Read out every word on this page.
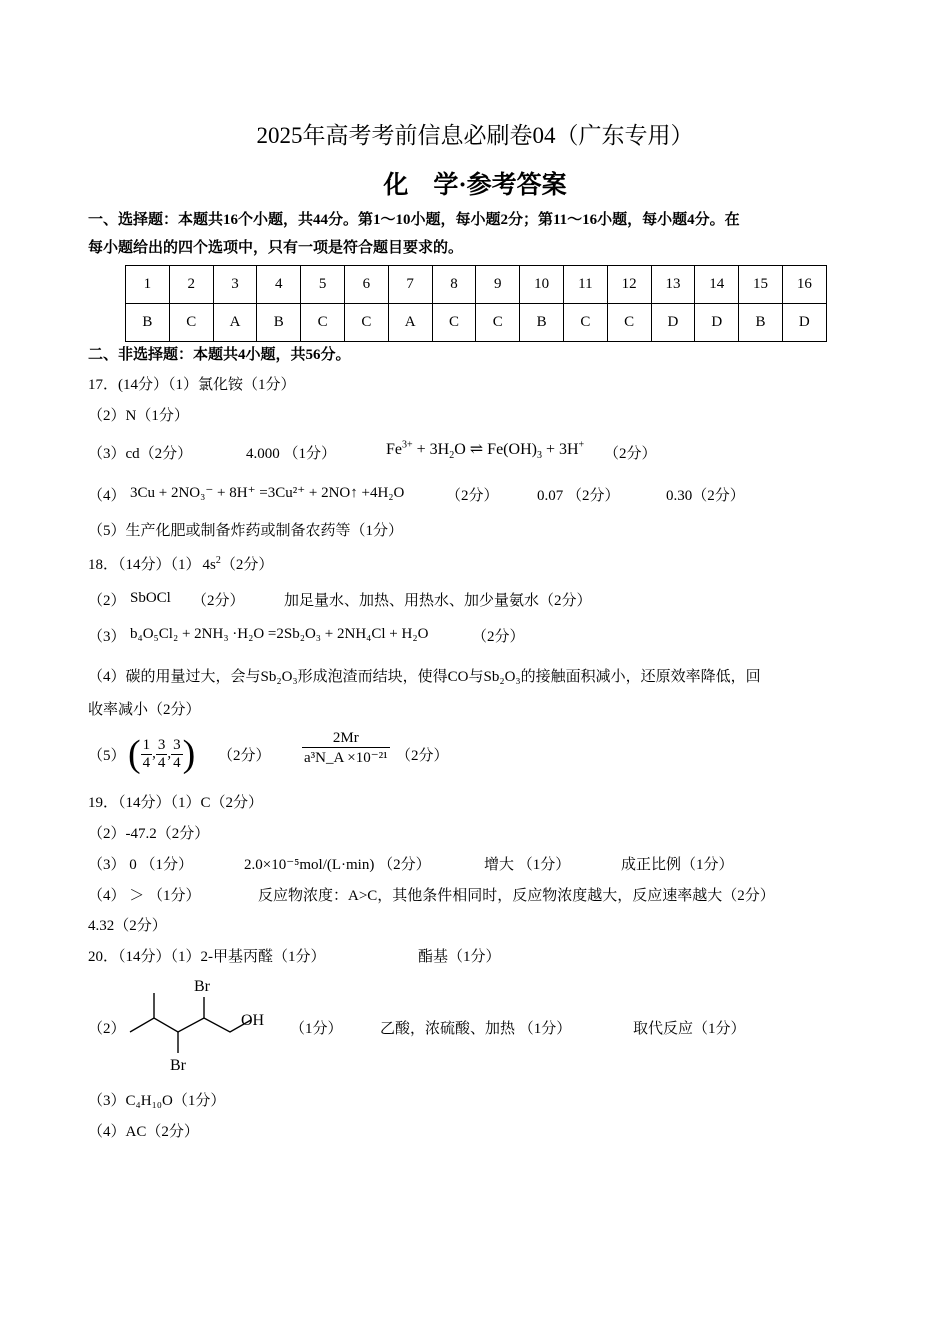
2025年高考考前信息必刷卷04（广东专用）
化　学·参考答案
一、选择题：本题共16个小题，共44分。第1～10小题，每小题2分；第11～16小题，每小题4分。在
每小题给出的四个选项中，只有一项是符合题目要求的。
1	2	3	4	5	6	7	8	9	10	11	12	13	14	15	16
B	C	A	B	C	C	A	C	C	B	C	C	D	D	B	D
二、非选择题：本题共4小题，共56分。
17．(14分）（1）氯化铵（1分）
（2）N（1分）
（3）cd（2分）	4.000 （1分）	$Fe^{3+} + 3H_2O$ ⇌ $Fe(OH)_3 + 3H^+$
（2分）
（4） 3Cu + 2NO₃⁻ + 8H⁺ =3Cu²⁺ + 2NO↑ +4H₂O	（2分）	0.07 （2分）	0.30（2分）
（5）生产化肥或制备炸药或制备农药等（1分）
18．（14分）（1） $4s^2(2$分）
（2） SbOCl （2分）	加足量水、加热、用热水、加少量氨水（2分）
（3） b₄O₅Cl₂ + 2NH₃ ·H₂O =2Sb₂O₃ + 2NH₄Cl + H₂O	（2分）
（4）碳的用量过大，会与Sb₂O₃形成泡渣而结块，使得CO与Sb₂O₃的接触面积减小，还原效率降低，回
收率减小（2分）
（5） ( $\frac{1}{4}$ , $\frac{3}{4}$ , $\frac{3}{4}$ ) （2分） $\frac{2Mr}{\text{a³N\_A ×10⁻²¹}} (2$分）
19．（14分）（1）C（2分）
（2）-47.2（2分）
（3） 0 （1分）	2.0×10⁻⁵mol/(L·min) （2分）	增大 （1分）	成正比例（1分）
（4） ＞ （1分）	反应物浓度：A>C，其他条件相同时，反应物浓度越大，反应速率越大（2分）
4.32（2分）
20．（14分）（1）2-甲基丙醛（1分）	酯基（1分）
（2）
Br
OH
Br
（1分） 乙酸，浓硫酸、加热 （1分）	取代反应（1分）
（3）C₄H₁₀O（1分）
（4）AC（2分）
